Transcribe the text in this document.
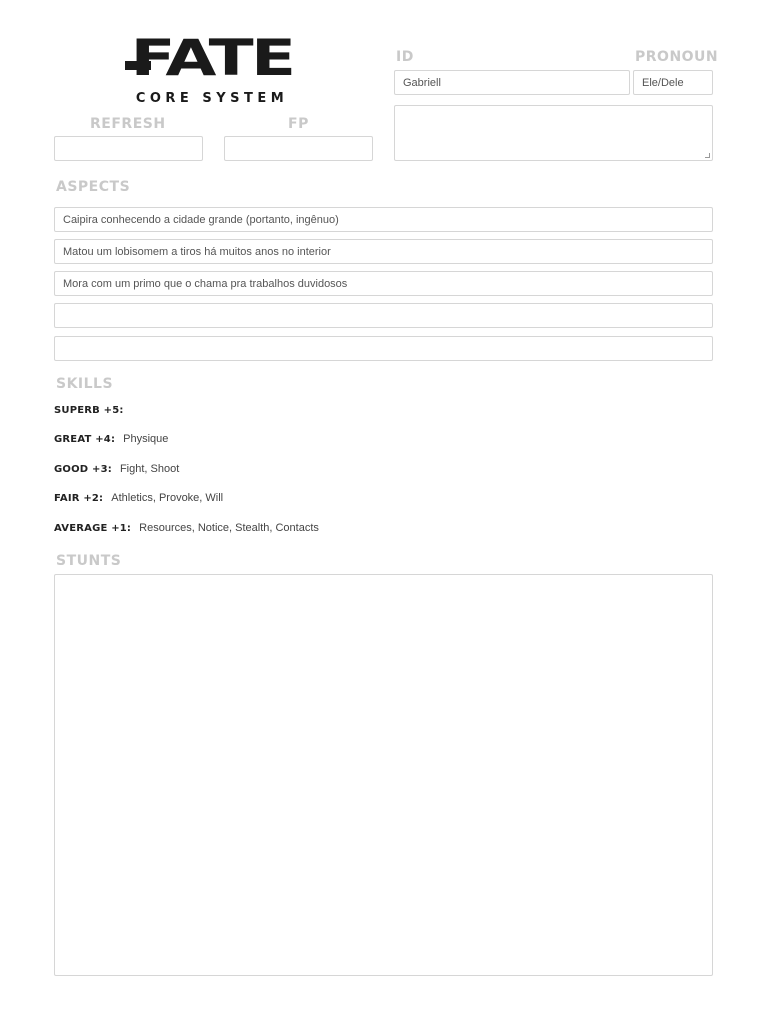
FATE
CORE SYSTEM
REFRESH	FP
ID	PRONOUN
Gabriell	Ele/Dele
ASPECTS
Caipira conhecendo a cidade grande (portanto, ingênuo)
Matou um lobisomem a tiros há muitos anos no interior
Mora com um primo que o chama pra trabalhos duvidosos
SKILLS
SUPERB +5:
GREAT +4: Physique
GOOD +3: Fight, Shoot
FAIR +2: Athletics, Provoke, Will
AVERAGE +1: Resources, Notice, Stealth, Contacts
STUNTS
